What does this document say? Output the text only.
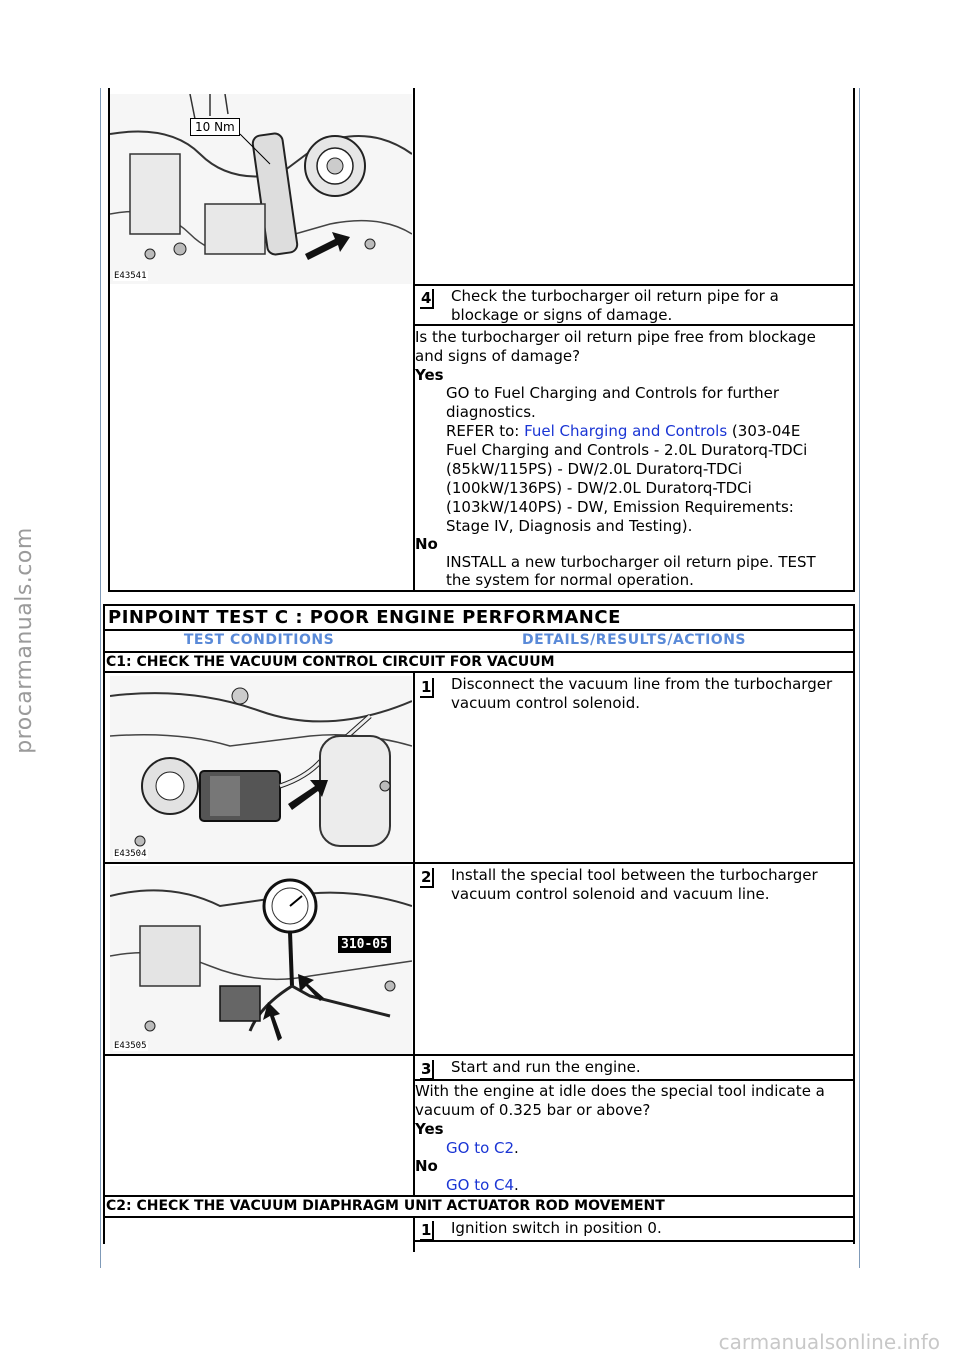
procarmanuals.com
carmanualsonline.info
10 Nm
E43541
4 Check the turbocharger oil return pipe for a
blockage or signs of damage.
Is the turbocharger oil return pipe free from blockage
and signs of damage?
Yes
GO to Fuel Charging and Controls for further
diagnostics.
REFER to: Fuel Charging and Controls (303-04E
Fuel Charging and Controls - 2.0L Duratorq-TDCi
(85kW/115PS) - DW/2.0L Duratorq-TDCi
(100kW/136PS) - DW/2.0L Duratorq-TDCi
(103kW/140PS) - DW, Emission Requirements:
Stage IV, Diagnosis and Testing).
No
INSTALL a new turbocharger oil return pipe. TEST
the system for normal operation.
PINPOINT TEST C : POOR ENGINE PERFORMANCE
TEST CONDITIONS	DETAILS/RESULTS/ACTIONS
C1: CHECK THE VACUUM CONTROL CIRCUIT FOR VACUUM
E43504
1 Disconnect the vacuum line from the turbocharger
vacuum control solenoid.
310-05
E43505
2 Install the special tool between the turbocharger
vacuum control solenoid and vacuum line.
3 Start and run the engine.
With the engine at idle does the special tool indicate a
vacuum of 0.325 bar or above?
Yes
GO to C2.
No
GO to C4.
C2: CHECK THE VACUUM DIAPHRAGM UNIT ACTUATOR ROD MOVEMENT
1 Ignition switch in position 0.
